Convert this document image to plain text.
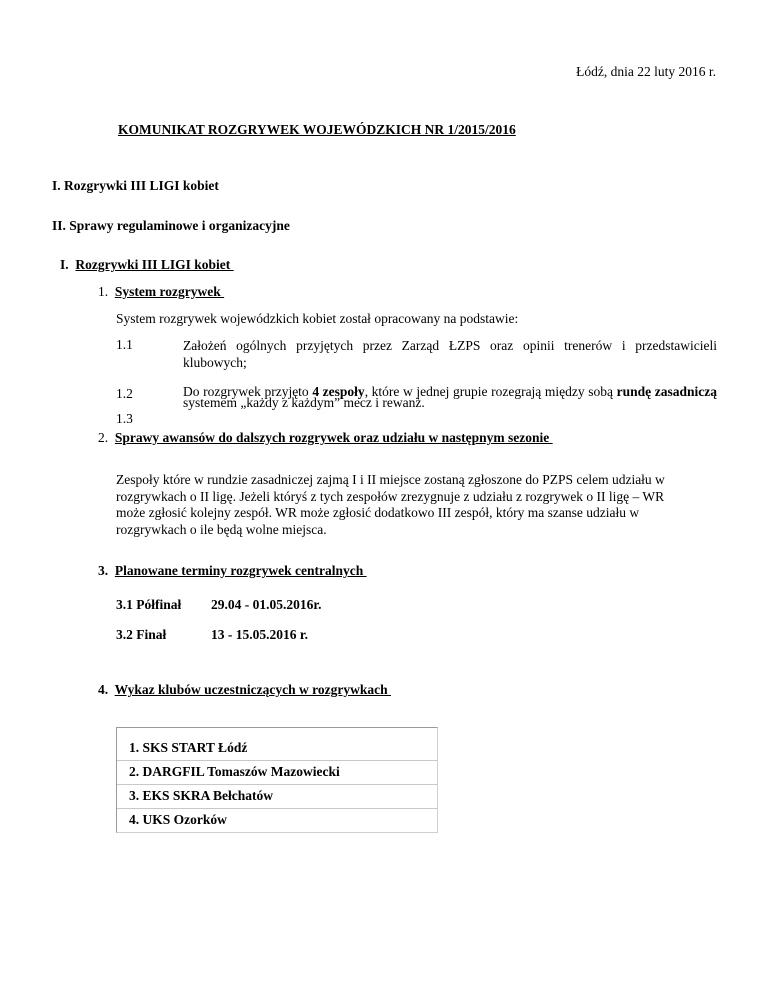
Łódź, dnia 22 luty 2016 r.
KOMUNIKAT ROZGRYWEK WOJEWÓDZKICH NR 1/2015/2016
I. Rozgrywki III LIGI kobiet
II. Sprawy regulaminowe i organizacyjne
I. Rozgrywki III LIGI kobiet
1. System rozgrywek
System rozgrywek wojewódzkich kobiet został opracowany na podstawie:
1.1	Założeń ogólnych przyjętych przez Zarząd ŁZPS oraz opinii trenerów i przedstawicieli klubowych;
1.2	Do rozgrywek przyjęto 4 zespoły, które w jednej grupie rozegrają między sobą rundę zasadniczą systemem „każdy z każdym” mecz i rewanż.
1.3
2. Sprawy awansów do dalszych rozgrywek oraz udziału w następnym sezonie
Zespoły które w rundzie zasadniczej zajmą I i II miejsce zostaną zgłoszone do PZPS celem udziału w rozgrywkach o II ligę. Jeżeli któryś z tych zespołów zrezygnuje z udziału z rozgrywek o II ligę – WR może zgłosić kolejny zespół. WR może zgłosić dodatkowo III zespół, który ma szanse udziału w rozgrywkach o ile będą wolne miejsca.
3. Planowane terminy rozgrywek centralnych
3.1 Półfinał 29.04 - 01.05.2016r.
3.2 Finał	13 - 15.05.2016 r.
4. Wykaz klubów uczestniczących w rozgrywkach
1. SKS START Łódź
2. DARGFIL Tomaszów Mazowiecki
3. EKS SKRA Bełchatów
4. UKS Ozorków
